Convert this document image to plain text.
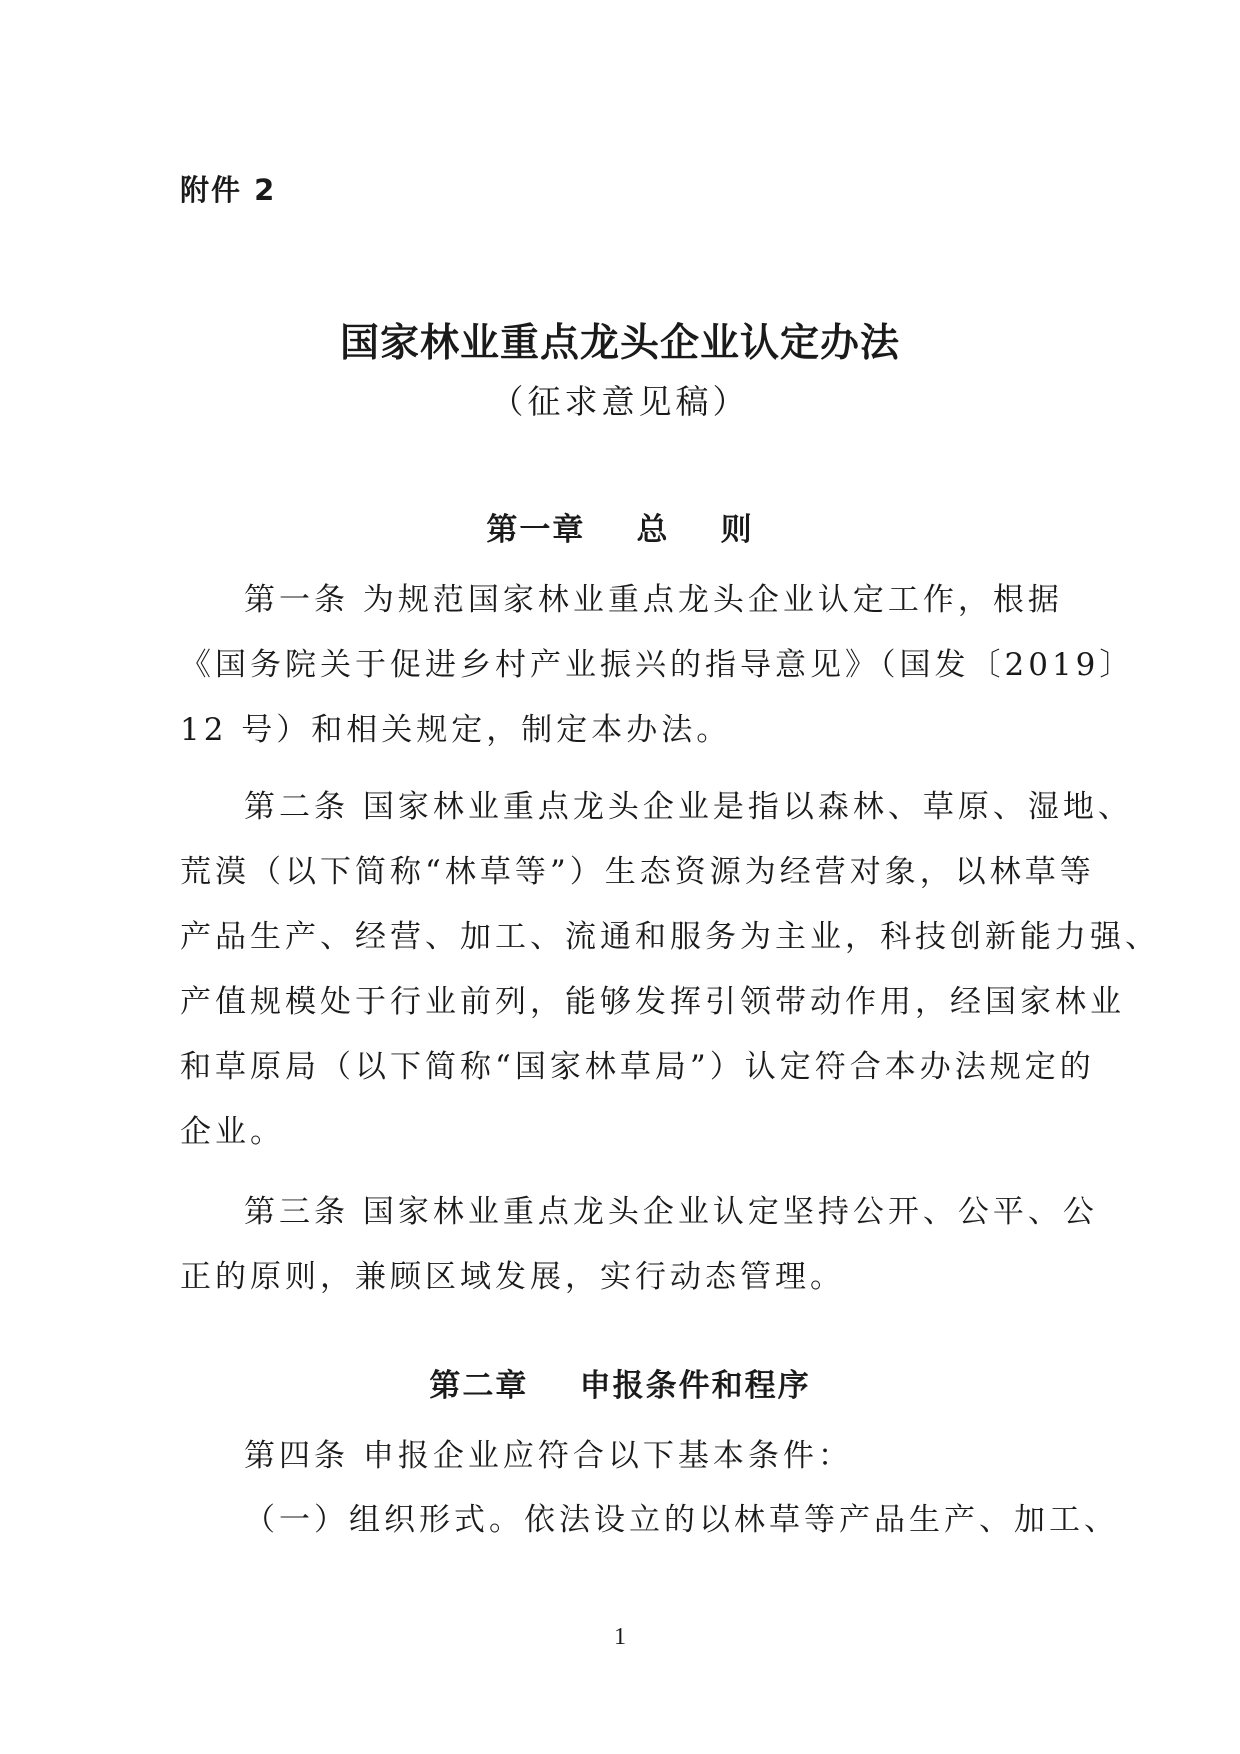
附件 2
国家林业重点龙头企业认定办法
（征求意见稿）
第一章    总    则
第一条 为规范国家林业重点龙头企业认定工作，根据
《国务院关于促进乡村产业振兴的指导意见》（国发〔2019〕
12 号）和相关规定，制定本办法。
第二条 国家林业重点龙头企业是指以森林、草原、湿地、
荒漠（以下简称“林草等”）生态资源为经营对象，以林草等
产品生产、经营、加工、流通和服务为主业，科技创新能力强、
产值规模处于行业前列，能够发挥引领带动作用，经国家林业
和草原局（以下简称“国家林草局”）认定符合本办法规定的
企业。
第三条 国家林业重点龙头企业认定坚持公开、公平、公
正的原则，兼顾区域发展，实行动态管理。
第二章    申报条件和程序
第四条 申报企业应符合以下基本条件：
（一）组织形式。依法设立的以林草等产品生产、加工、
1
